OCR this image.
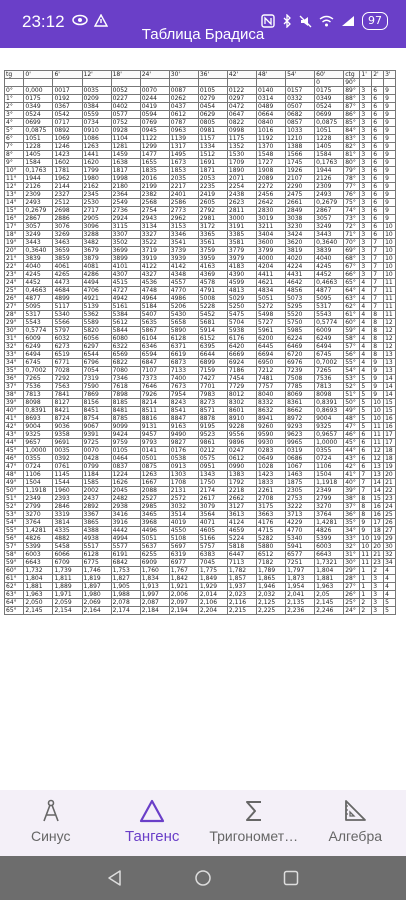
23:12	97
Таблица Брадиса
tg	0'	6'	12'	18'	24'	30'	36'	42'	48'	54'	60'	ctg	1'	2'	3'
											0	90°			
0°	0,000	0017	0035	0052	0070	0087	0105	0122	0140	0157	0175	89°	3	6	9
1°	0175	0192	0209	0227	0244	0262	0279	0297	0314	0332	0349	88°	3	6	9
2°	0349	0367	0384	0402	0419	0437	0454	0472	0489	0507	0524	87°	3	6	9
3°	0524	0542	0559	0577	0594	0612	0629	0647	0664	0682	0699	86°	3	6	9
4°	0699	0717	0734	0752	0769	0787	0805	0822	0840	0857	0,0875	85°	3	6	9
5°	0,0875	0892	0910	0928	0945	0963	0981	0998	1016	1033	1051	84°	3	6	9
6°	1051	1069	1086	1104	1122	1139	1157	1175	1192	1210	1228	83°	3	6	9
7°	1228	1246	1263	1281	1299	1317	1334	1352	1370	1388	1405	82°	3	6	9
8°	1405	1423	1441	1459	1477	1495	1512	1530	1548	1566	1584	81°	3	6	9
9°	1584	1602	1620	1638	1655	1673	1691	1709	1727	1745	0,1763	80°	3	6	9
10°	0,1763	1781	1799	1817	1835	1853	1871	1890	1908	1926	1944	79°	3	6	9
11°	1944	1962	1980	1998	2016	2035	2053	2071	2089	2107	2126	78°	3	6	9
12°	2126	2144	2162	2180	2199	2217	2235	2254	2272	2290	2309	77°	3	6	9
13°	2309	2327	2345	2364	2382	2401	2419	2438	2456	2475	2493	76°	3	6	9
14°	2493	2512	2530	2549	2568	2586	2605	2623	2642	2661	0,2679	75°	3	6	9
15°	0,2679	2698	2717	2736	2754	2773	2792	2811	2830	2849	2867	74°	3	6	9
16°	2867	2886	2905	2924	2943	2962	2981	3000	3019	3038	3057	73°	3	6	9
17°	3057	3076	3096	3115	3134	3153	3172	3191	3211	3230	3249	72°	3	6	10
18°	3249	3269	3288	3307	3327	3346	3365	3385	3404	3424	3443	71°	3	6	10
19°	3443	3463	3482	3502	3522	3541	3561	3581	3600	3620	0,3640	70°	3	7	10
20°	0,3640	3659	3679	3699	3719	3739	3759	3779	3799	3819	3839	69°	3	7	10
21°	3839	3859	3879	3899	3919	3939	3959	3979	4000	4020	4040	68°	3	7	10
22°	4040	4061	4081	4101	4122	4142	4163	4183	4204	4224	4245	67°	3	7	10
23°	4245	4265	4286	4307	4327	4348	4369	4390	4411	4431	4452	66°	3	7	10
24°	4452	4473	4494	4515	4536	4557	4578	4599	4621	4642	0,4663	65°	4	7	11
25°	0,4663	4684	4706	4727	4748	4770	4791	4813	4834	4856	4877	64°	4	7	11
26°	4877	4899	4921	4942	4964	4986	5008	5029	5051	5073	5095	63°	4	7	11
27°	5095	5117	5139	5161	5184	5206	5228	5250	5272	5295	5317	62°	4	7	11
28°	5317	5340	5362	5384	5407	5430	5452	5475	5498	5520	5543	61°	4	8	11
29°	5543	5566	5589	5612	5635	5658	5681	5704	5727	5750	0,5774	60°	4	8	12
30°	0,5774	5797	5820	5844	5867	5890	5914	5938	5961	5985	6009	59°	4	8	12
31°	6009	6032	6056	6080	6104	6128	6152	6176	6200	6224	6249	58°	4	8	12
32°	6249	6273	6297	6322	6346	6371	6395	6420	6445	6469	6494	57°	4	8	12
33°	6494	6519	6544	6569	6594	6619	6644	6669	6694	6720	6745	56°	4	8	13
34°	6745	6771	6796	6822	6847	6873	6899	6924	6950	6976	0,7002	55°	4	9	13
35°	0,7002	7028	7054	7080	7107	7133	7159	7186	7212	7239	7265	54°	4	9	13
36°	7265	7292	7319	7346	7373	7400	7427	7454	7481	7508	7536	53°	5	9	14
37°	7536	7563	7590	7618	7646	7673	7701	7729	7757	7785	7813	52°	5	9	14
38°	7813	7841	7869	7898	7926	7954	7983	8012	8040	8069	8098	51°	5	9	14
39°	8098	8127	8156	8185	8214	8243	8273	8302	8332	8361	0,8391	50°	5	10	15
40°	0,8391	8421	8451	8481	8511	8541	8571	8601	8632	8662	0,8693	49°	5	10	15
41°	8693	8724	8754	8785	8816	8847	8878	8910	8941	8972	9004	48°	5	10	16
42°	9004	9036	9067	9099	9131	9163	9195	9228	9260	9293	9325	47°	5	11	16
43°	9325	9358	9391	9424	9457	9490	9523	9556	9590	9623	0,9657	46°	6	11	17
44°	9657	9691	9725	9759	9793	9827	9861	9896	9930	9965	1,0000	45°	6	11	17
45°	1,0000	0035	0070	0105	0141	0176	0212	0247	0283	0319	0355	44°	6	12	18
46°	0355	0392	0428	0464	0501	0538	0575	0612	0649	0686	0724	43°	6	12	18
47°	0724	0761	0799	0837	0875	0913	0951	0990	1028	1067	1106	42°	6	13	19
48°	1106	1145	1184	1224	1263	1303	1343	1383	1423	1463	1504	41°	7	13	20
49°	1504	1544	1585	1626	1667	1708	1750	1792	1833	1875	1,1918	40°	7	14	21
50°	1,1918	1960	2002	2045	2088	2131	2174	2218	2261	2305	2349	39°	7	14	22
51°	2349	2393	2437	2482	2527	2572	2617	2662	2708	2753	2799	38°	8	15	23
52°	2799	2846	2892	2938	2985	3032	3079	3127	3175	3222	3270	37°	8	16	24
53°	3270	3319	3367	3416	3465	3514	3564	3613	3663	3713	3764	36°	8	16	25
54°	3764	3814	3865	3916	3968	4019	4071	4124	4176	4229	1,4281	35°	9	17	26
55°	1,4281	4335	4388	4442	4496	4550	4605	4659	4715	4770	4826	34°	9	18	27
56°	4826	4882	4938	4994	5051	5108	5166	5224	5282	5340	5399	33°	10	19	29
57°	5399	5458	5517	5577	5637	5697	5757	5818	5880	5941	6003	32°	10	20	30
58°	6003	6066	6128	6191	6255	6319	6383	6447	6512	6577	6643	31°	11	21	32
59°	6643	6709	6775	6842	6909	6977	7045	7113	7182	7251	1,7321	30°	11	23	34
60°	1,732	1,739	1,746	1,753	1,760	1,767	1,775	1,782	1,789	1,797	1,804	29°	1	2	4
61°	1,804	1,811	1,819	1,827	1,834	1,842	1,849	1,857	1,865	1,873	1,881	28°	1	3	4
62°	1,881	1,889	1,897	1,905	1,913	1,921	1,929	1,937	1,946	1,954	1,963	27°	1	3	4
63°	1,963	1,971	1,980	1,988	1,997	2,006	2,014	2,023	2,032	2,041	2,05	26°	1	3	4
64°	2,050	2,059	2,069	2,078	2,087	2,097	2,106	2,116	2,125	2,135	2,145	25°	2	3	5
65°	2,145	2,154	2,164	2,174	2,184	2,194	2,204	2,215	2,225	2,236	2,246	24°	2	3	5
Синус	Тангенс	Тригономет…	Алгебра
